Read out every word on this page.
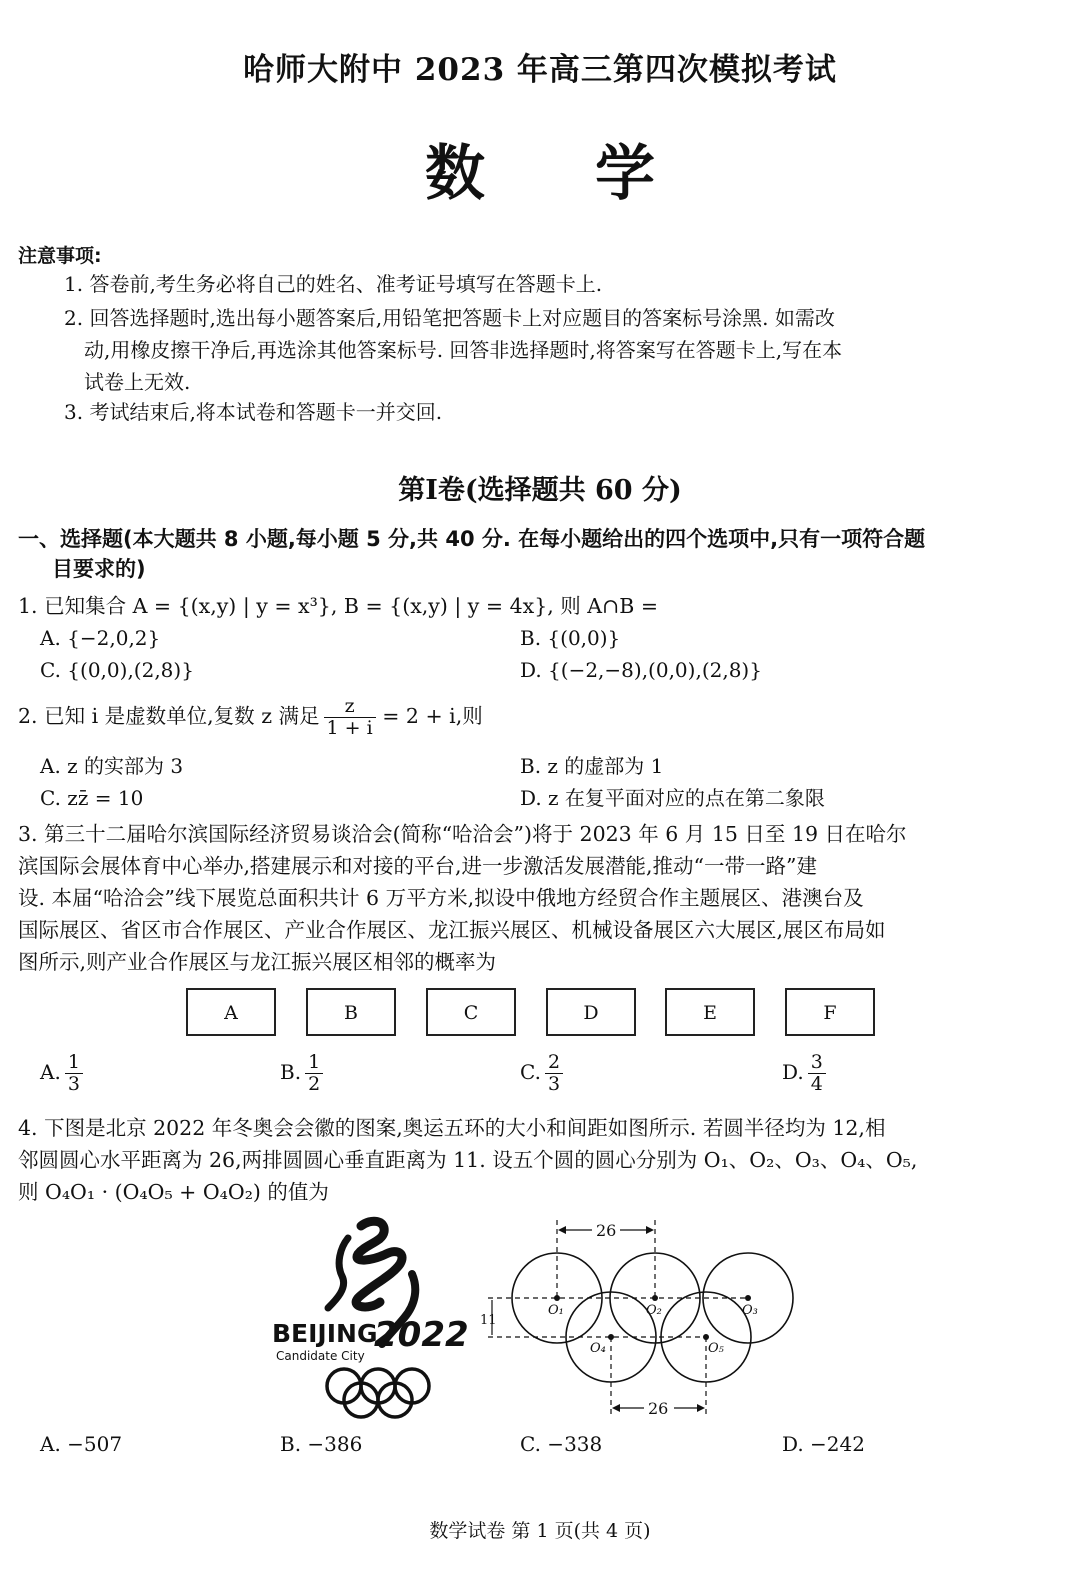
哈师大附中 2023 年高三第四次模拟考试
数学
注意事项:
1. 答卷前,考生务必将自己的姓名、准考证号填写在答题卡上.
2. 回答选择题时,选出每小题答案后,用铅笔把答题卡上对应题目的答案标号涂黑. 如需改
动,用橡皮擦干净后,再选涂其他答案标号. 回答非选择题时,将答案写在答题卡上,写在本
试卷上无效.
3. 考试结束后,将本试卷和答题卡一并交回.
第Ⅰ卷(选择题共 60 分)
一、选择题(本大题共 8 小题,每小题 5 分,共 40 分. 在每小题给出的四个选项中,只有一项符合题
目要求的)
1. 已知集合 A = {(x,y) | y = x³}, B = {(x,y) | y = 4x}, 则 A∩B =
A. {−2,0,2}	B. {(0,0)}
C. {(0,0),(2,8)}	D. {(−2,−8),(0,0),(2,8)}
2. 已知 i 是虚数单位,复数 z 满足 $\frac{z}{1 + i} = 2 + i$,则
A. z 的实部为 3	B. z 的虚部为 1
C. zz̄ = 10	D. z 在复平面对应的点在第二象限
3. 第三十二届哈尔滨国际经济贸易谈洽会(简称“哈洽会”)将于 2023 年 6 月 15 日至 19 日在哈尔
滨国际会展体育中心举办,搭建展示和对接的平台,进一步激活发展潜能,推动“一带一路”建
设. 本届“哈洽会”线下展览总面积共计 6 万平方米,拟设中俄地方经贸合作主题展区、港澳台及
国际展区、省区市合作展区、产业合作展区、龙江振兴展区、机械设备展区六大展区,展区布局如
图所示,则产业合作展区与龙江振兴展区相邻的概率为
A	B	C	D	E	F
A. $\frac{1}{3}$	B. $\frac{1}{2}$	C. $\frac{2}{3}$	D. $\frac{3}{4}$
4. 下图是北京 2022 年冬奥会会徽的图案,奥运五环的大小和间距如图所示. 若圆半径均为 12,相
邻圆圆心水平距离为 26,两排圆圆心垂直距离为 11. 设五个圆的圆心分别为 O₁、O₂、O₃、O₄、O₅,
则 O₄O₁ · (O₄O₅ + O₄O₂) 的值为
BEIJING
2022
Candidate City
26
26
11
O₁	O₂	O₃
O₄	O₅
A. −507	B. −386	C. −338	D. −242
数学试卷 第 1 页(共 4 页)
